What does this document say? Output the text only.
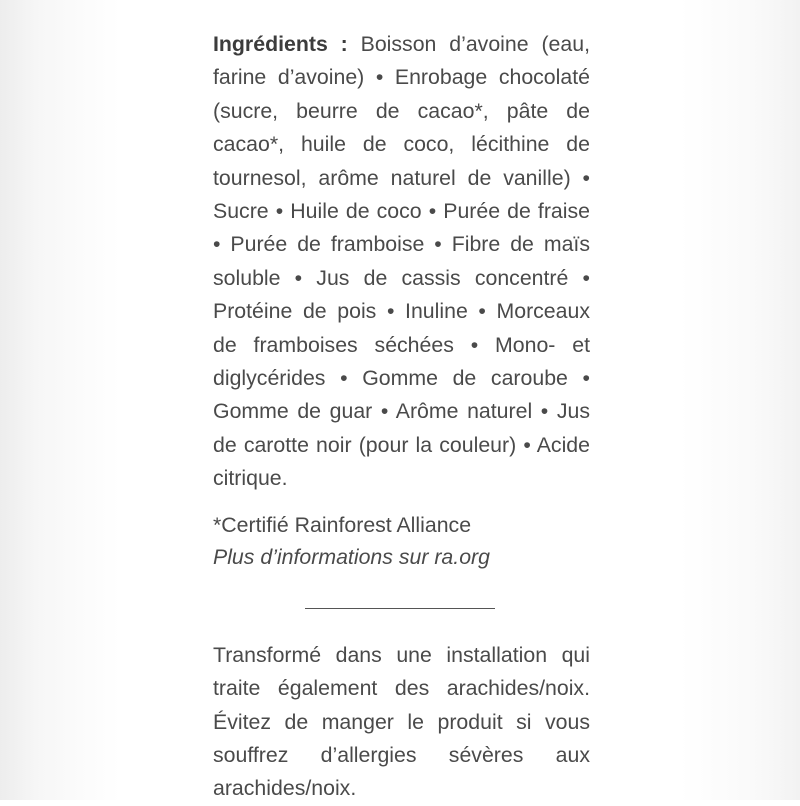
Ingrédients : Boisson d’avoine (eau, farine d’avoine) • Enrobage chocolaté (sucre, beurre de cacao*, pâte de cacao*, huile de coco, lécithine de tournesol, arôme naturel de vanille) • Sucre • Huile de coco • Purée de fraise • Purée de framboise • Fibre de maïs soluble • Jus de cassis concentré • Protéine de pois • Inuline • Morceaux de framboises séchées • Mono- et diglycérides • Gomme de caroube • Gomme de guar • Arôme naturel • Jus de carotte noir (pour la couleur) • Acide citrique.

*Certifié Rainforest Alliance

Plus d’informations sur ra.org

Transformé dans une installation qui traite également des arachides/noix. Évitez de manger le produit si vous souffrez d’allergies sévères aux arachides/noix.
